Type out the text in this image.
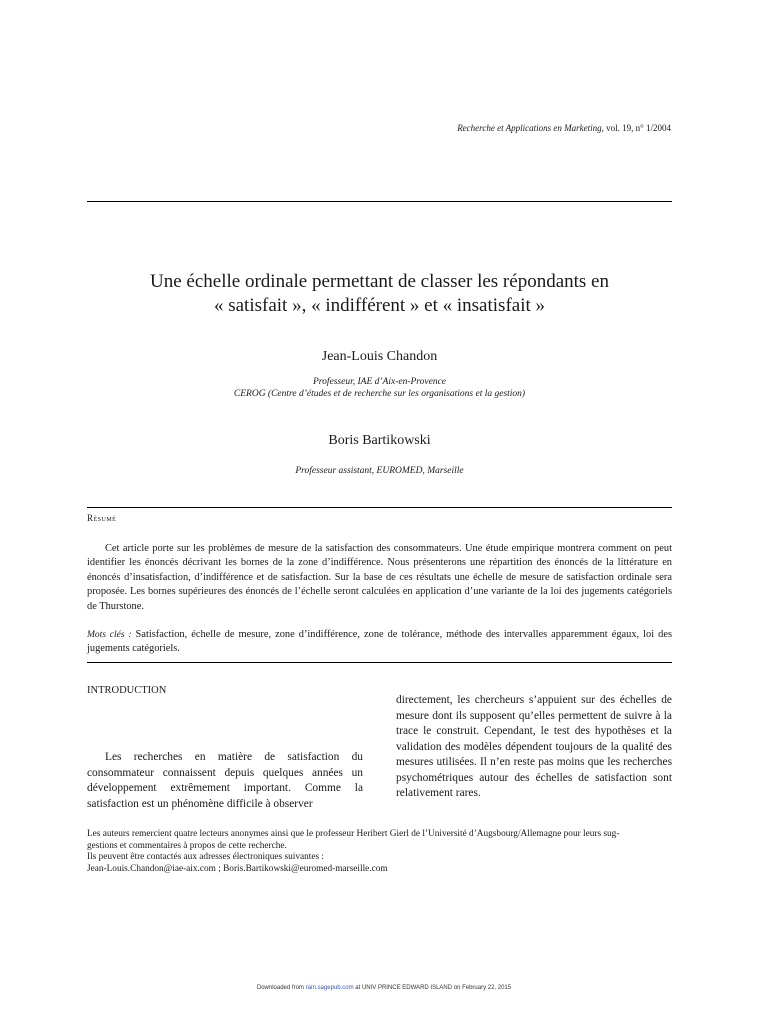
Recherche et Applications en Marketing, vol. 19, n° 1/2004
Une échelle ordinale permettant de classer les répondants en
« satisfait », « indifférent » et « insatisfait »
Jean-Louis Chandon
Professeur, IAE d’Aix-en-Provence
CEROG (Centre d’études et de recherche sur les organisations et la gestion)
Boris Bartikowski
Professeur assistant, EUROMED, Marseille
Résumé

Cet article porte sur les problèmes de mesure de la satisfaction des consommateurs. Une étude empirique montrera comment on peut identifier les énoncés décrivant les bornes de la zone d’indifférence. Nous présenterons une répartition des énoncés de la littérature en énoncés d’insatisfaction, d’indifférence et de satisfaction. Sur la base de ces résultats une échelle de mesure de satisfaction ordinale sera proposée. Les bornes supérieures des énoncés de l’échelle seront calculées en application d’une variante de la loi des jugements catégoriels de Thurstone.

Mots clés : Satisfaction, échelle de mesure, zone d’indifférence, zone de tolérance, méthode des intervalles apparemment égaux, loi des jugements catégoriels.
INTRODUCTION

Les recherches en matière de satisfaction du consommateur connaissent depuis quelques années un développement extrêmement important. Comme la satisfaction est un phénomène difficile à observer

directement, les chercheurs s’appuient sur des échelles de mesure dont ils supposent qu’elles permettent de suivre à la trace le construit. Cependant, le test des hypothèses et la validation des modèles dépendent toujours de la qualité des mesures utilisées. Il n’en reste pas moins que les recherches psychométriques autour des échelles de satisfaction sont relativement rares.

Les auteurs remercient quatre lecteurs anonymes ainsi que le professeur Heribert Gierl de l’Université d’Augsbourg/Allemagne pour leurs sug-
gestions et commentaires à propos de cette recherche.
Ils peuvent être contactés aux adresses électroniques suivantes :
Jean-Louis.Chandon@iae-aix.com ; Boris.Bartikowski@euromed-marseille.com
Downloaded from ram.sagepub.com at UNIV PRINCE EDWARD ISLAND on February 22, 2015
